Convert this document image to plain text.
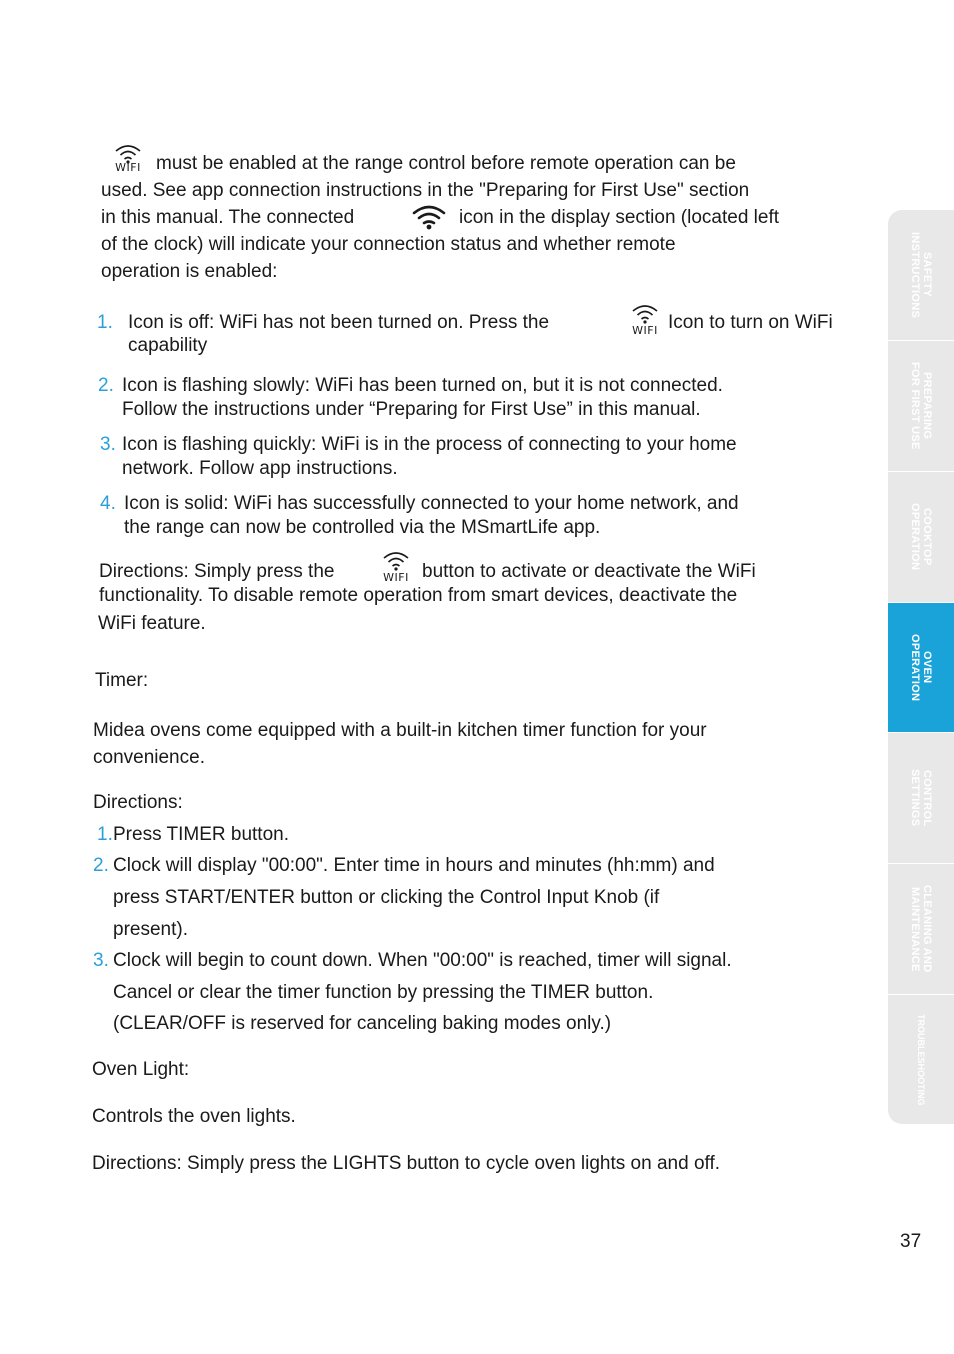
WIFI must be enabled at the range control before remote operation can be
used. See app connection instructions in the "Preparing for First Use" section
in this manual. The connected	icon in the display section (located left
of the clock) will indicate your connection status and whether remote
operation is enabled:
1. Icon is off: WiFi has not been turned on. Press the	WIFI Icon to turn on WiFi
capability
2. Icon is flashing slowly: WiFi has been turned on, but it is not connected.
Follow the instructions under “Preparing for First Use” in this manual.
3. Icon is flashing quickly: WiFi is in the process of connecting to your home
network. Follow app instructions.
4. Icon is solid: WiFi has successfully connected to your home network, and
the range can now be controlled via the MSmartLife app.
Directions: Simply press the	WIFI button to activate or deactivate the WiFi
functionality. To disable remote operation from smart devices, deactivate the
WiFi feature.
Timer:
Midea ovens come equipped with a built-in kitchen timer function for your
convenience.
Directions:
1. Press TIMER button.
2. Clock will display "00:00". Enter time in hours and minutes (hh:mm) and
press START/ENTER button or clicking the Control Input Knob (if
present).
3. Clock will begin to count down. When "00:00" is reached, timer will signal.
Cancel or clear the timer function by pressing the TIMER button.
(CLEAR/OFF is reserved for canceling baking modes only.)
Oven Light:
Controls the oven lights.
Directions: Simply press the LIGHTS button to cycle oven lights on and off.
SAFETY
INSTRUCTIONS
PREPARING
FOR FIRST USE
COOKTOP
OPERATION
OVEN
OPERATION
CONTROL
SETTINGS
CLEANING AND
MAINTENANCE
TROUBLESHOOTING
37
